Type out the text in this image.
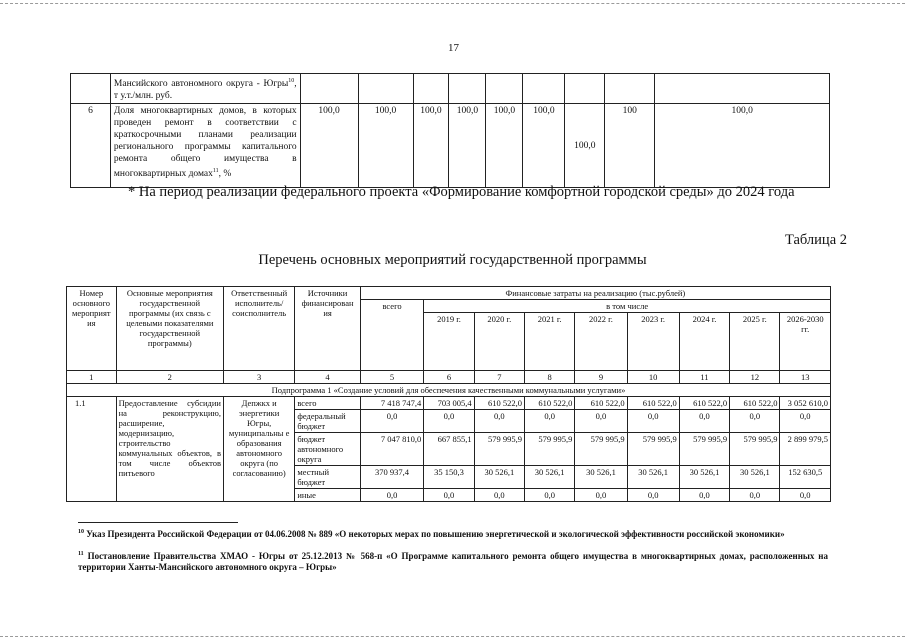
17
	Мансийского автономного округа - Югры$^{10}$, т у.т./млн. руб.									
6	Доля многоквартирных домов, в которых проведен ремонт в соответствии с краткосрочными планами реализации регионального программы капитального ремонта общего имущества в многоквартирных домах$^{11}$, %	100,0	100,0	100,0	100,0	100,0	100,0	100,0	100	100,0
* На период реализации федерального проекта «Формирование комфортной городской среды» до 2024 года
Таблица 2
Перечень основных мероприятий государственной программы
Номер основного мероприят ия	Основные мероприятия государственной программы (их связь с целевыми показателями государственной программы)	Ответственный исполнитель/ соисполнитель	Источники финансирован ия	Финансовые затраты на реализацию (тыс.рублей)								
				всего	в том числе							
					2019 г.	2020 г.	2021 г.	2022 г.	2023 г.	2024 г.	2025 г.	2026-2030 гг.
1	2	3	4	5	6	7	8	9	10	11	12	13
Подпрограмма 1 «Создание условий для обеспечения качественными коммунальными услугами»												
1.1	Предоставление субсидии на реконструкцию, расширение, модернизацию, строительство коммунальных объектов, в том числе объектов питьевого	Депжкх и энергетики Югры, муниципальны е образования автономного округа (по согласованию)	всего	7 418 747,4	703 005,4	610 522,0	610 522,0	610 522,0	610 522,0	610 522,0	610 522,0	3 052 610,0
			федеральный бюджет	0,0	0,0	0,0	0,0	0,0	0,0	0,0	0,0	0,0
			бюджет автономного округа	7 047 810,0	667 855,1	579 995,9	579 995,9	579 995,9	579 995,9	579 995,9	579 995,9	2 899 979,5
			местный бюджет	370 937,4	35 150,3	30 526,1	30 526,1	30 526,1	30 526,1	30 526,1	30 526,1	152 630,5
			иные	0,0	0,0	0,0	0,0	0,0	0,0	0,0	0,0	0,0
$^{10}$ Указ Президента Российской Федерации от 04.06.2008 № 889 «О некоторых мерах по повышению энергетической и экологической эффективности российской экономики»
$^{11}$ Постановление Правительства ХМАО - Югры от 25.12.2013 № 568-п «О Программе капитального ремонта общего имущества в многоквартирных домах, расположенных на территории Ханты-Мансийского автономного округа – Югры»
